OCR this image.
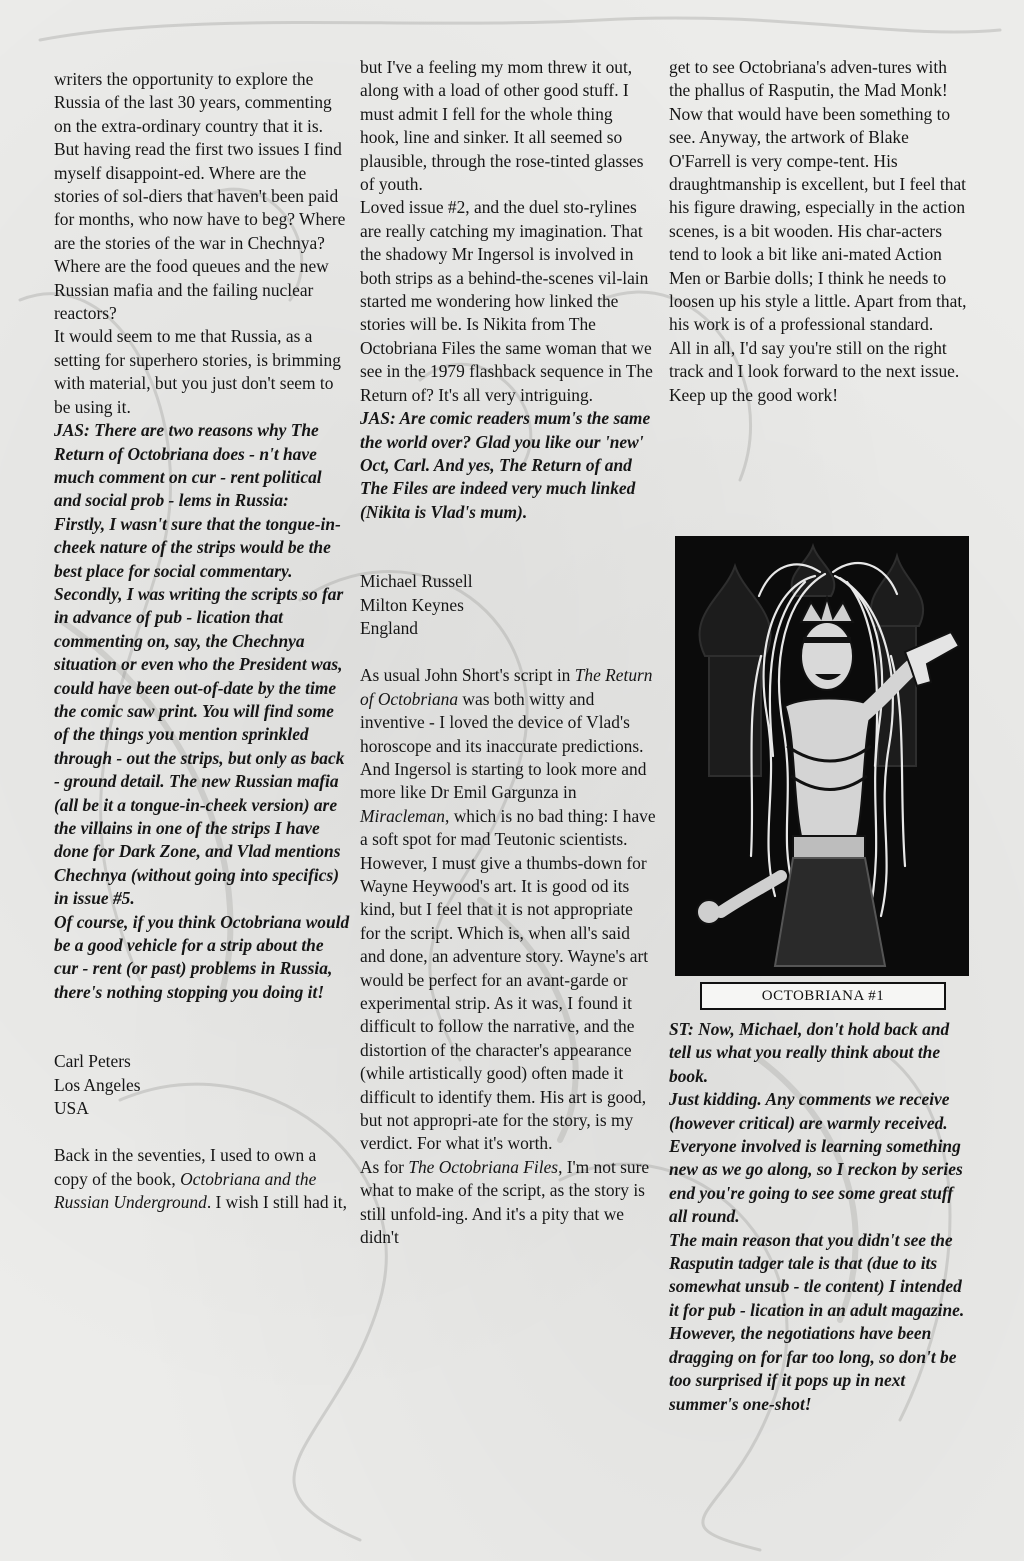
writers the opportunity to explore the Russia of the last 30 years, commenting on the extra-ordinary country that it is.

But having read the first two issues I find myself disappoint-ed. Where are the stories of sol-diers that haven't been paid for months, who now have to beg? Where are the stories of the war in Chechnya? Where are the food queues and the new Russian mafia and the failing nuclear reactors?

It would seem to me that Russia, as a setting for superhero stories, is brimming with material, but you just don't seem to be using it.

JAS: There are two reasons why The Return of Octobriana does - n't have much comment on cur - rent political and social prob - lems in Russia:

Firstly, I wasn't sure that the tongue-in-cheek nature of the strips would be the best place for social commentary.

Secondly, I was writing the scripts so far in advance of pub - lication that commenting on, say, the Chechnya situation or even who the President was, could have been out-of-date by the time the comic saw print. You will find some of the things you mention sprinkled through - out the strips, but only as back - ground detail. The new Russian mafia (all be it a tongue-in-cheek version) are the villains in one of the strips I have done for Dark Zone, and Vlad mentions Chechnya (without going into specifics) in issue #5.

Of course, if you think Octobriana would be a good vehicle for a strip about the cur - rent (or past) problems in Russia, there's nothing stopping you doing it!

Carl Peters

Los Angeles

USA

Back in the seventies, I used to own a copy of the book, Octobriana and the Russian Underground. I wish I still had it,

but I've a feeling my mom threw it out, along with a load of other good stuff. I must admit I fell for the whole thing hook, line and sinker. It all seemed so plausible, through the rose-tinted glasses of youth.

Loved issue #2, and the duel sto-rylines are really catching my imagination. That the shadowy Mr Ingersol is involved in both strips as a behind-the-scenes vil-lain started me wondering how linked the stories will be. Is Nikita from The Octobriana Files the same woman that we see in the 1979 flashback sequence in The Return of? It's all very intriguing.

JAS: Are comic readers mum's the same the world over? Glad you like our 'new' Oct, Carl. And yes, The Return of and The Files are indeed very much linked (Nikita is Vlad's mum).

Michael Russell

Milton Keynes

England

As usual John Short's script in The Return of Octobriana was both witty and inventive - I loved the device of Vlad's horoscope and its inaccurate predictions. And Ingersol is starting to look more and more like Dr Emil Gargunza in Miracleman, which is no bad thing: I have a soft spot for mad Teutonic scientists. However, I must give a thumbs-down for Wayne Heywood's art. It is good od its kind, but I feel that it is not appropriate for the script. Which is, when all's said and done, an adventure story. Wayne's art would be perfect for an avant-garde or experimental strip. As it was, I found it difficult to follow the narrative, and the distortion of the character's appearance (while artistically good) often made it difficult to identify them. His art is good, but not appropri-ate for the story, is my verdict. For what it's worth.

As for The Octobriana Files, I'm not sure what to make of the script, as the story is still unfold-ing. And it's a pity that we didn't

get to see Octobriana's adven-tures with the phallus of Rasputin, the Mad Monk! Now that would have been something to see. Anyway, the artwork of Blake O'Farrell is very compe-tent. His draughtmanship is excellent, but I feel that his figure drawing, especially in the action scenes, is a bit wooden. His char-acters tend to look a bit like ani-mated Action Men or Barbie dolls; I think he needs to loosen up his style a little. Apart from that, his work is of a professional standard.

All in all, I'd say you're still on the right track and I look forward to the next issue. Keep up the good work!

OCTOBRIANA #1

ST: Now, Michael, don't hold back and tell us what you really think about the book.

Just kidding. Any comments we receive (however critical) are warmly received. Everyone involved is learning something new as we go along, so I reckon by series end you're going to see some great stuff all round.

The main reason that you didn't see the Rasputin tadger tale is that (due to its somewhat unsub - tle content) I intended it for pub - lication in an adult magazine. However, the negotiations have been dragging on for far too long, so don't be too surprised if it pops up in next summer's one-shot!
